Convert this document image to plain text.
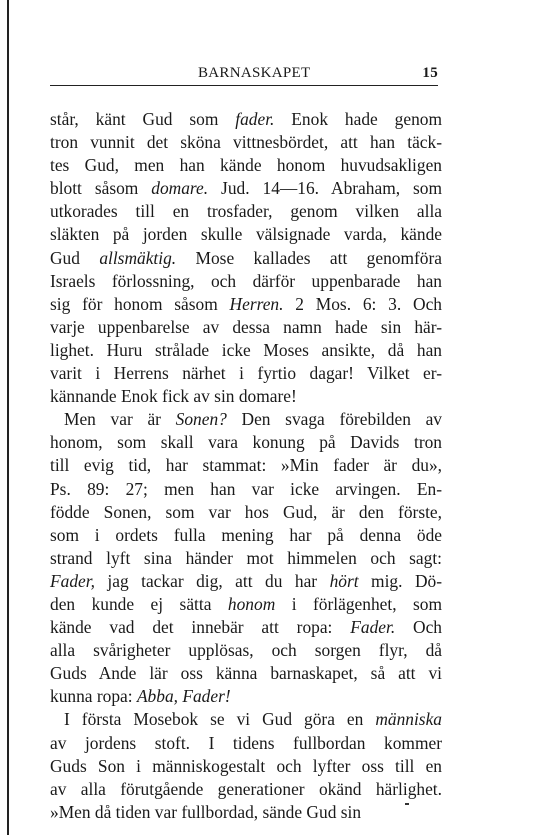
BARNASKAPET	15
står, känt Gud som fader. Enok hade genom
tron vunnit det sköna vittnesbördet, att han täck-
tes Gud, men han kände honom huvudsakligen
blott såsom domare. Jud. 14—16. Abraham, som
utkorades till en trosfader, genom vilken alla
släkten på jorden skulle välsignade varda, kände
Gud allsmäktig. Mose kallades att genomföra
Israels förlossning, och därför uppenbarade han
sig för honom såsom Herren. 2 Mos. 6: 3. Och
varje uppenbarelse av dessa namn hade sin här-
lighet. Huru strålade icke Moses ansikte, då han
varit i Herrens närhet i fyrtio dagar! Vilket er-
kännande Enok fick av sin domare!
Men var är Sonen? Den svaga förebilden av
honom, som skall vara konung på Davids tron
till evig tid, har stammat: »Min fader är du»,
Ps. 89: 27; men han var icke arvingen. En-
födde Sonen, som var hos Gud, är den förste,
som i ordets fulla mening har på denna öde
strand lyft sina händer mot himmelen och sagt:
Fader, jag tackar dig, att du har hört mig. Dö-
den kunde ej sätta honom i förlägenhet, som
kände vad det innebär att ropa: Fader. Och
alla svårigheter upplösas, och sorgen flyr, då
Guds Ande lär oss känna barnaskapet, så att vi
kunna ropa: Abba, Fader!
I första Mosebok se vi Gud göra en människa
av jordens stoft. I tidens fullbordan kommer
Guds Son i människogestalt och lyfter oss till en
av alla förutgående generationer okänd härlighet.
»Men då tiden var fullbordad, sände Gud sin
